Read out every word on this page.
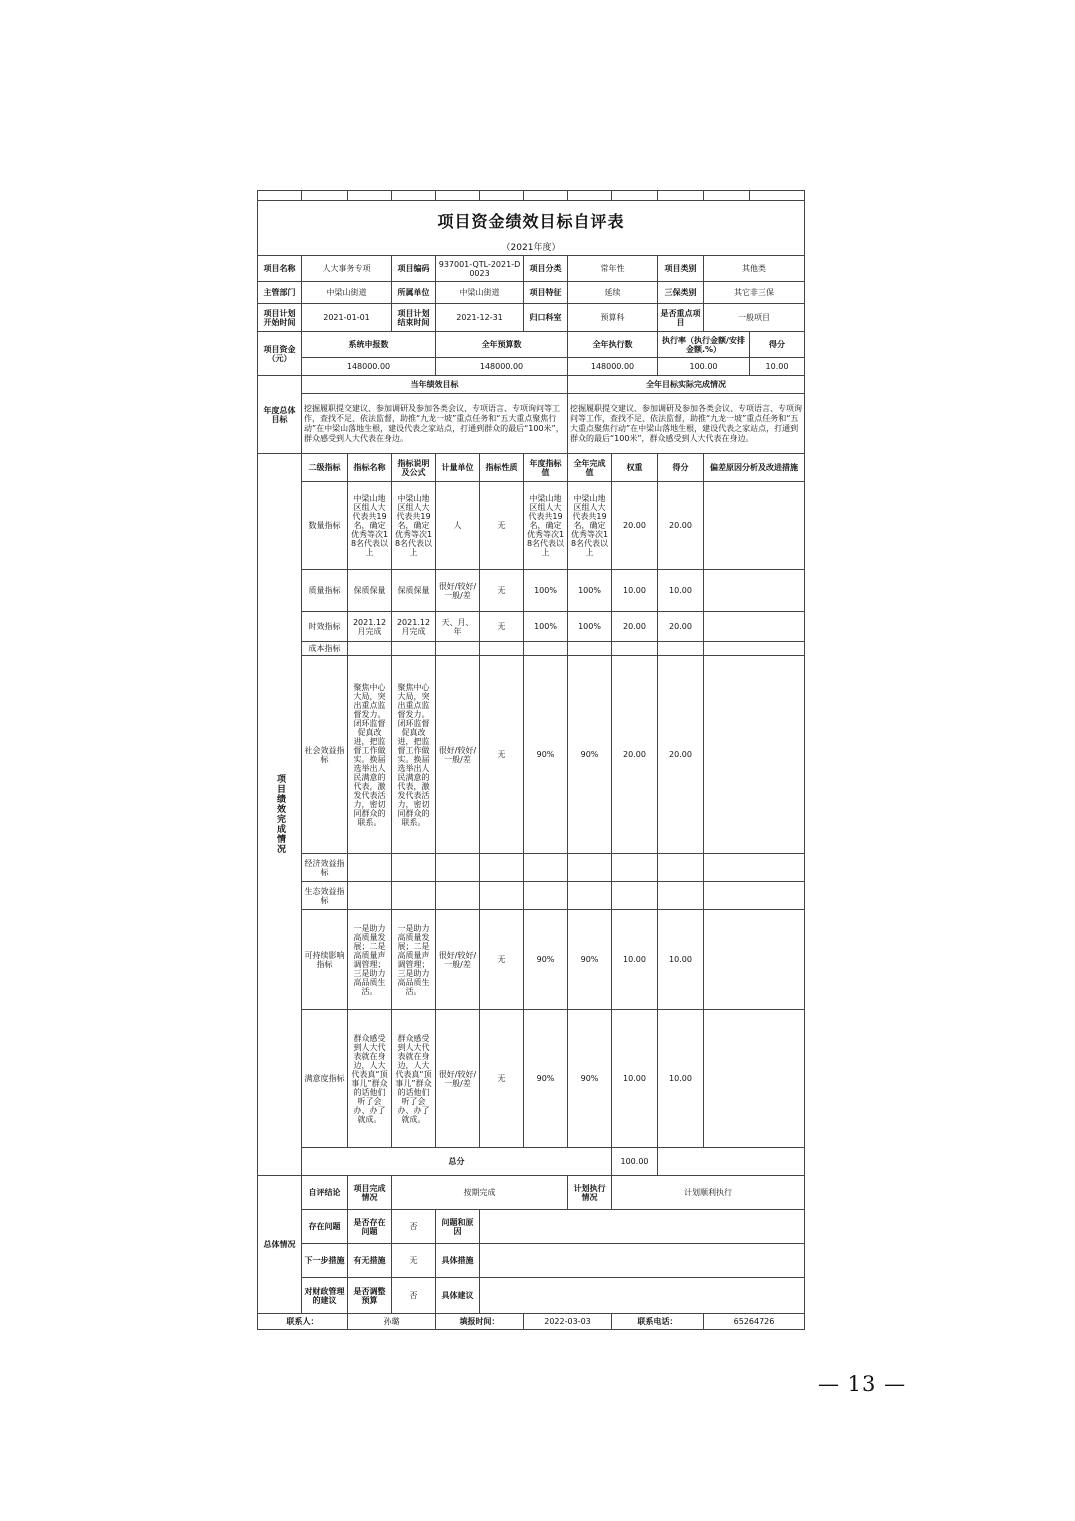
项目资金绩效目标自评表											
（2021年度）											
项目名称	人大事务专项		项目编码	937001-QTL-2021-D0023		项目分类	常年性		项目类别	其他类	
主管部门	中梁山街道		所属单位	中梁山街道		项目特征	延续		三保类别	其它非三保	
项目计划开始时间	2021-01-01		项目计划结束时间	2021-12-31		归口科室	预算科		是否重点项目	一般项目	
项目资金（元）	系统申报数			全年预算数			全年执行数		执行率（执行金额/安排金额.%）		得分
	148000.00			148000.00			148000.00		100.00		10.00
年度总体目标	当年绩效目标						全年目标实际完成情况				
	挖掘履职提交建议、参加调研及参加各类会议、专项语言、专项询问等工作，查找不足、依法监督，助推“九龙一坡”重点任务和“五大重点聚焦行动”在中梁山落地生根，建设代表之家站点，打通到群众的最后“100米”，群众感受到人大代表在身边。						挖掘履职提交建议、参加调研及参加各类会议、专项语言、专项询问等工作，查找不足、依法监督，助推“九龙一坡”重点任务和“五大重点聚焦行动”在中梁山落地生根，建设代表之家站点，打通到群众的最后“100米”，群众感受到人大代表在身边。				
项目绩效完成情况	二级指标	指标名称	指标说明及公式	计量单位	指标性质	年度指标值	全年完成值	权重	得分	偏差原因分析及改进措施	
	数量指标	中梁山地区组人大代表共19名，确定优秀等次18名代表以上	中梁山地区组人大代表共19名，确定优秀等次18名代表以上	人	无	中梁山地区组人大代表共19名，确定优秀等次18名代表以上	中梁山地区组人大代表共19名，确定优秀等次18名代表以上	20.00	20.00		
	质量指标	保质保量	保质保量	很好/较好/一般/差	无	100%	100%	10.00	10.00		
	时效指标	2021.12月完成	2021.12月完成	天、月、年	无	100%	100%	20.00	20.00		
	成本指标										
	社会效益指标	聚焦中心大局，突出重点监督发力。闭环监督促真改进，把监督工作做实。换届选举出人民满意的代表，激发代表活力，密切同群众的联系。	聚焦中心大局，突出重点监督发力。闭环监督促真改进，把监督工作做实。换届选举出人民满意的代表，激发代表活力，密切同群众的联系。	很好/较好/一般/差	无	90%	90%	20.00	20.00		
	经济效益指标										
	生态效益指标										
	可持续影响指标	一是助力高质量发展；二是高质量声调管理；三是助力高品质生活。	一是助力高质量发展；二是高质量声调管理；三是助力高品质生活。	很好/较好/一般/差	无	90%	90%	10.00	10.00		
	满意度指标	群众感受到人大代表就在身边，人大代表真“顶事儿”群众的话他们听了会办、办了就成。	群众感受到人大代表就在身边，人大代表真“顶事儿”群众的话他们听了会办、办了就成。	很好/较好/一般/差	无	90%	90%	10.00	10.00		
	总分							100.00			
总体情况	自评结论	项目完成情况	按期完成				计划执行情况	计划顺利执行			
	存在问题	是否存在问题	否	问题和原因							
	下一步措施	有无措施	无	具体措施							
	对财政管理的建议	是否调整预算	否	具体建议							
联系人：		孙璐		填报时间：		2022-03-03		联系电话：		65264726	
— 13 —
